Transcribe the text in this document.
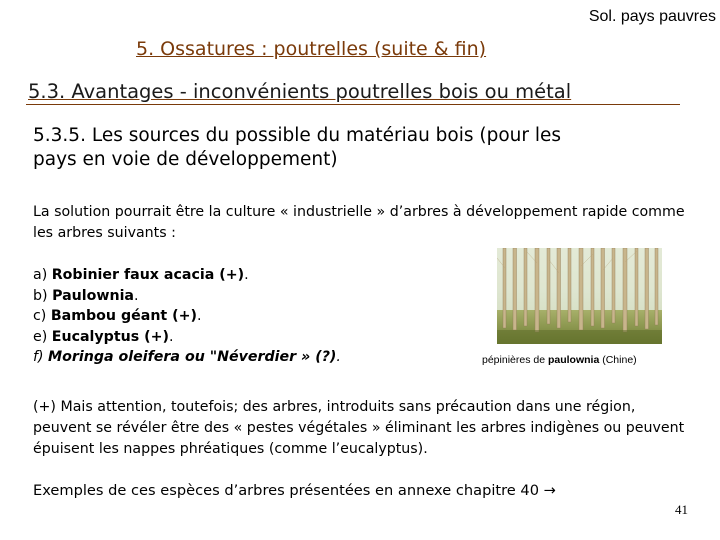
Sol. pays pauvres
5. Ossatures : poutrelles (suite & fin)
5.3. Avantages - inconvénients poutrelles bois ou métal
5.3.5. Les sources du possible du matériau bois (pour les pays en voie de développement)
La solution pourrait être la culture « industrielle » d’arbres à développement rapide comme les arbres suivants :
a) Robinier faux acacia (+).
b) Paulownia.
c) Bambou géant (+).
e) Eucalyptus (+).
f) Moringa oleifera ou "Néverdier » (?).	pépinières de paulownia (Chine)
(+) Mais attention, toutefois; des arbres, introduits sans précaution dans une région, peuvent se révéler être des « pestes végétales » éliminant les arbres indigènes ou peuvent épuisent les nappes phréatiques (comme l’eucalyptus).
Exemples de ces espèces d’arbres présentées en annexe chapitre 40 →
41
